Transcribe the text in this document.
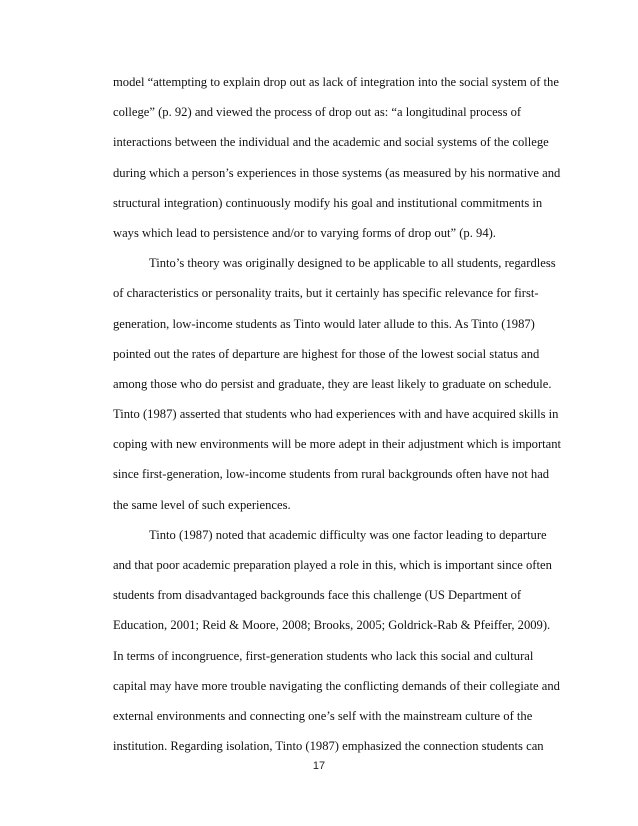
model “attempting to explain drop out as lack of integration into the social system of the
college” (p. 92) and viewed the process of drop out as: “a longitudinal process of
interactions between the individual and the academic and social systems of the college
during which a person’s experiences in those systems (as measured by his normative and
structural integration) continuously modify his goal and institutional commitments in
ways which lead to persistence and/or to varying forms of drop out” (p. 94).
Tinto’s theory was originally designed to be applicable to all students, regardless
of characteristics or personality traits, but it certainly has specific relevance for first-
generation, low-income students as Tinto would later allude to this. As Tinto (1987)
pointed out the rates of departure are highest for those of the lowest social status and
among those who do persist and graduate, they are least likely to graduate on schedule.
Tinto (1987) asserted that students who had experiences with and have acquired skills in
coping with new environments will be more adept in their adjustment which is important
since first-generation, low-income students from rural backgrounds often have not had
the same level of such experiences.
Tinto (1987) noted that academic difficulty was one factor leading to departure
and that poor academic preparation played a role in this, which is important since often
students from disadvantaged backgrounds face this challenge (US Department of
Education, 2001; Reid & Moore, 2008; Brooks, 2005; Goldrick-Rab & Pfeiffer, 2009).
In terms of incongruence, first-generation students who lack this social and cultural
capital may have more trouble navigating the conflicting demands of their collegiate and
external environments and connecting one’s self with the mainstream culture of the
institution. Regarding isolation, Tinto (1987) emphasized the connection students can
17
